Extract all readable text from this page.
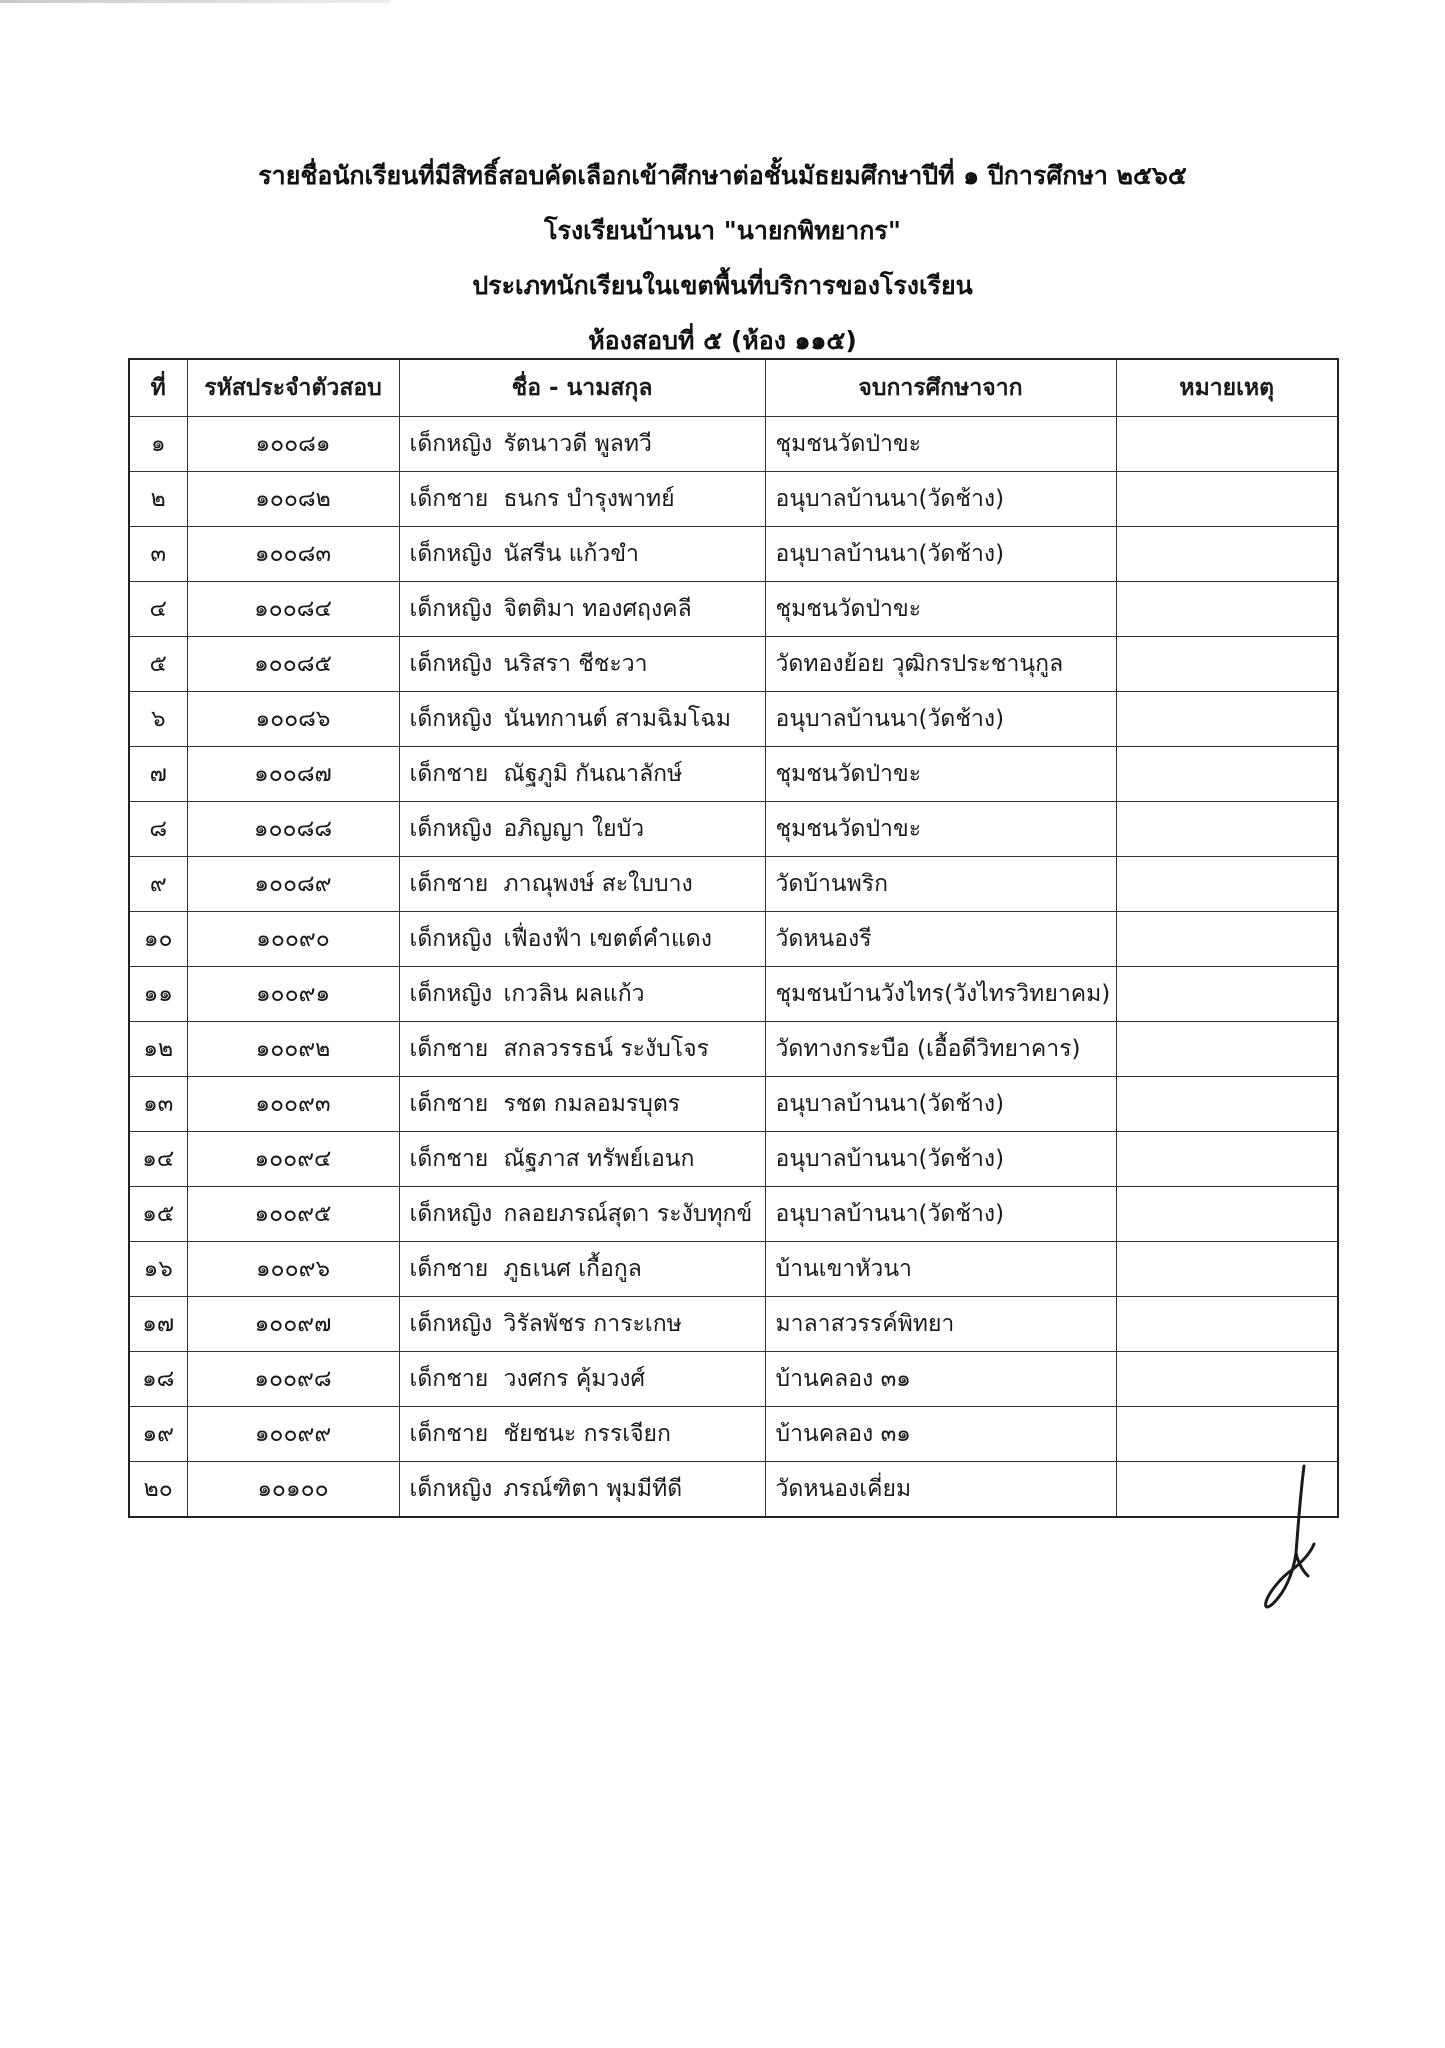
รายชื่อนักเรียนที่มีสิทธิ์สอบคัดเลือกเข้าศึกษาต่อชั้นมัธยมศึกษาปีที่ ๑ ปีการศึกษา ๒๕๖๕
โรงเรียนบ้านนา "นายกพิทยากร"
ประเภทนักเรียนในเขตพื้นที่บริการของโรงเรียน
ห้องสอบที่ ๕ (ห้อง ๑๑๕)
ที่	รหัสประจำตัวสอบ	ชื่อ - นามสกุล	จบการศึกษาจาก	หมายเหตุ
๑	๑๐๐๘๑	เด็กหญิง รัตนาวดี พูลทวี	ชุมชนวัดป่าขะ	
๒	๑๐๐๘๒	เด็กชาย ธนกร บำรุงพาทย์	อนุบาลบ้านนา(วัดช้าง)	
๓	๑๐๐๘๓	เด็กหญิง นัสรีน แก้วขำ	อนุบาลบ้านนา(วัดช้าง)	
๔	๑๐๐๘๔	เด็กหญิง จิตติมา ทองศฤงคลี	ชุมชนวัดป่าขะ	
๕	๑๐๐๘๕	เด็กหญิง นริสรา ชีชะวา	วัดทองย้อย วุฒิกรประชานุกูล	
๖	๑๐๐๘๖	เด็กหญิง นันทกานต์ สามฉิมโฉม	อนุบาลบ้านนา(วัดช้าง)	
๗	๑๐๐๘๗	เด็กชาย ณัฐภูมิ กันณาลักษ์	ชุมชนวัดป่าขะ	
๘	๑๐๐๘๘	เด็กหญิง อภิญญา ใยบัว	ชุมชนวัดป่าขะ	
๙	๑๐๐๘๙	เด็กชาย ภาณุพงษ์ สะใบบาง	วัดบ้านพริก	
๑๐	๑๐๐๙๐	เด็กหญิง เฟื่องฟ้า เขตต์คำแดง	วัดหนองรี	
๑๑	๑๐๐๙๑	เด็กหญิง เกวลิน ผลแก้ว	ชุมชนบ้านวังไทร(วังไทรวิทยาคม)	
๑๒	๑๐๐๙๒	เด็กชาย สกลวรรธน์ ระงับโจร	วัดทางกระบือ (เอื้อดีวิทยาคาร)	
๑๓	๑๐๐๙๓	เด็กชาย รชต กมลอมรบุตร	อนุบาลบ้านนา(วัดช้าง)	
๑๔	๑๐๐๙๔	เด็กชาย ณัฐภาส ทรัพย์เอนก	อนุบาลบ้านนา(วัดช้าง)	
๑๕	๑๐๐๙๕	เด็กหญิง กลอยภรณ์สุดา ระงับทุกข์	อนุบาลบ้านนา(วัดช้าง)	
๑๖	๑๐๐๙๖	เด็กชาย ภูธเนศ เกื้อกูล	บ้านเขาหัวนา	
๑๗	๑๐๐๙๗	เด็กหญิง วิรัลพัชร การะเกษ	มาลาสวรรค์พิทยา	
๑๘	๑๐๐๙๘	เด็กชาย วงศกร คุ้มวงศ์	บ้านคลอง ๓๑	
๑๙	๑๐๐๙๙	เด็กชาย ชัยชนะ กรรเจียก	บ้านคลอง ๓๑	
๒๐	๑๐๑๐๐	เด็กหญิง ภรณ์ฑิตา พุมมีทีดี	วัดหนองเคี่ยม	
